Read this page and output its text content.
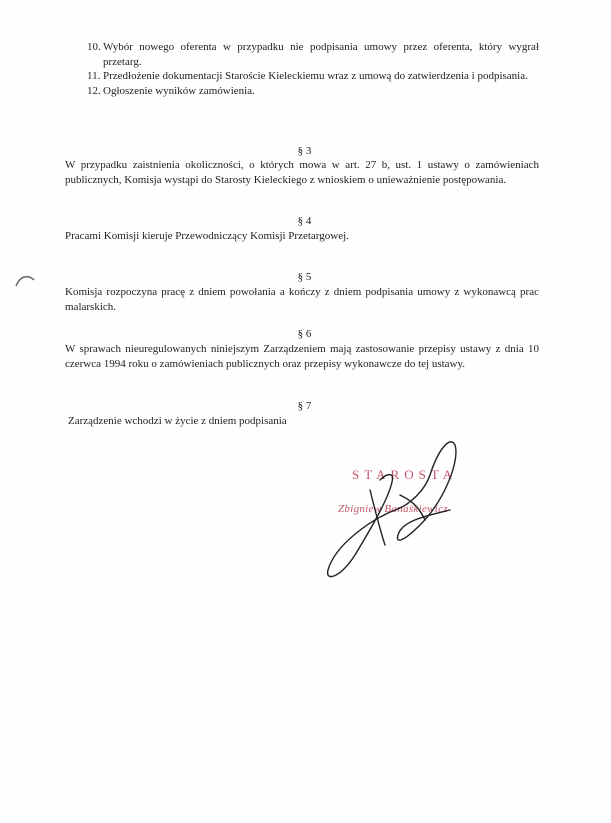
10. Wybór nowego oferenta w przypadku nie podpisania umowy przez oferenta, który wygrał przetarg.
11. Przedłożenie dokumentacji Staroście Kieleckiemu wraz z umową do zatwierdzenia i podpisania.
12. Ogłoszenie wyników zamówienia.
§ 3
W przypadku zaistnienia okoliczności, o których mowa w art. 27 b, ust. 1 ustawy o zamówieniach publicznych, Komisja wystąpi do Starosty Kieleckiego z wnioskiem o unieważnienie postępowania.
§ 4
Pracami Komisji kieruje Przewodniczący Komisji Przetargowej.
§ 5
Komisja rozpoczyna pracę z dniem powołania a kończy z dniem podpisania umowy z wykonawcą prac malarskich.
§ 6
W sprawach nieuregulowanych niniejszym Zarządzeniem mają zastosowanie przepisy ustawy z dnia 10 czerwca 1994 roku o zamówieniach publicznych oraz przepisy wykonawcze do tej ustawy.
§ 7
Zarządzenie wchodzi w życie z dniem podpisania
STAROSTA
Zbigniew Banaśkiewicz
